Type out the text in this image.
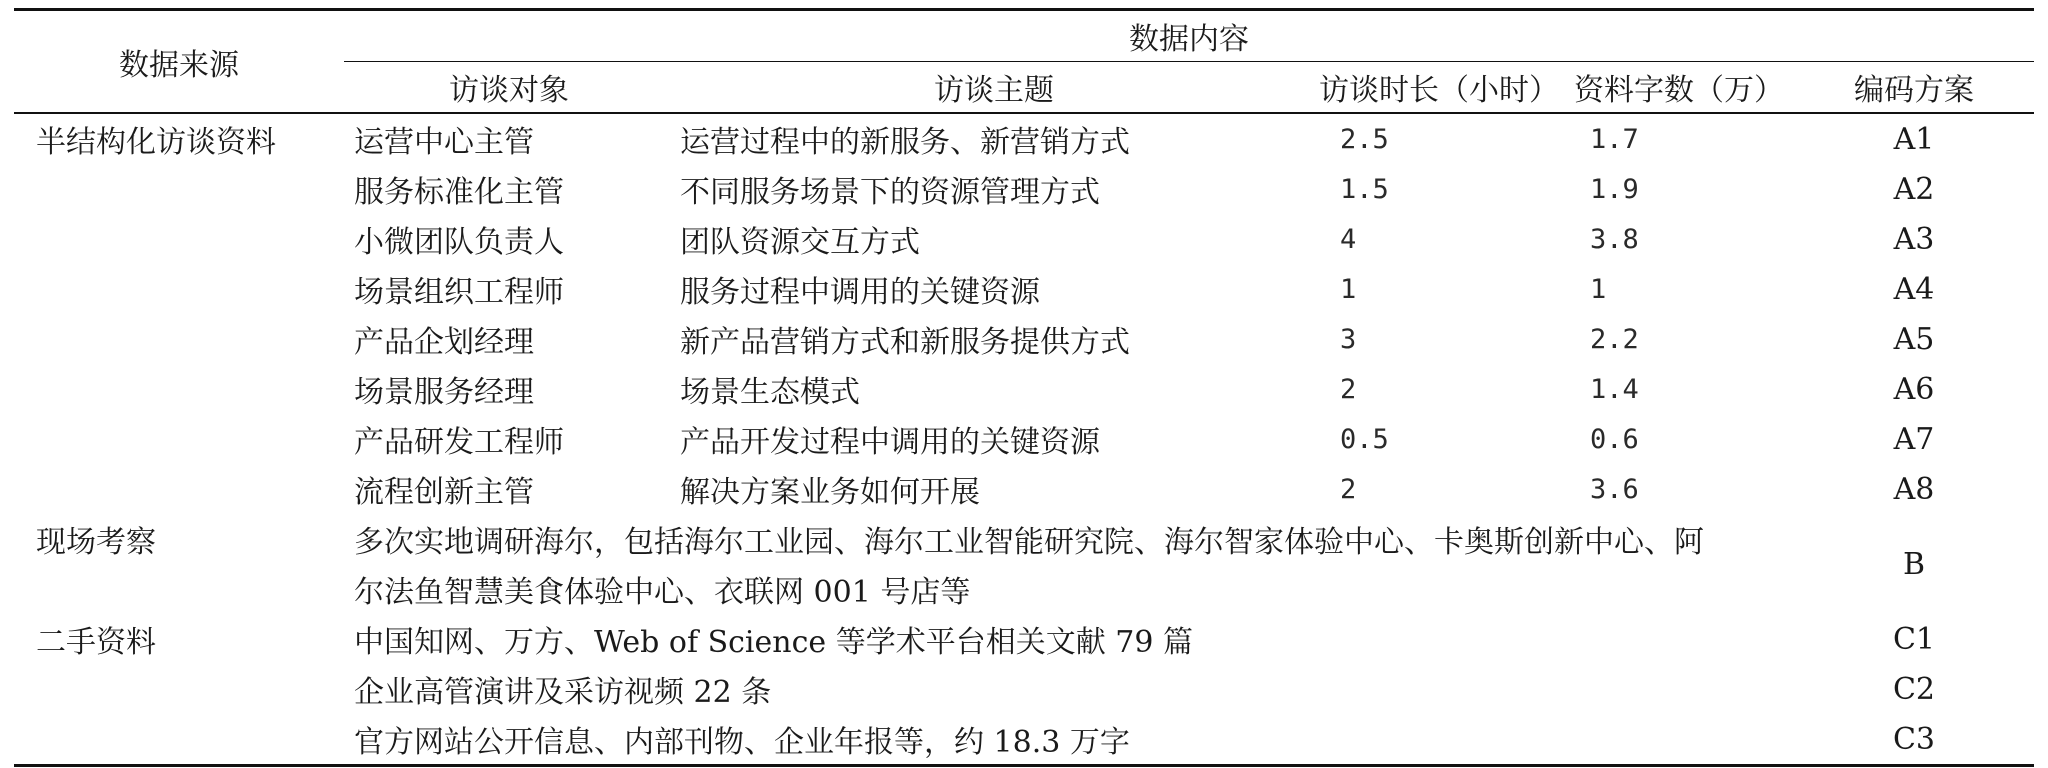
数据来源	数据内容				
	访谈对象	访谈主题	访谈时长（小时）	资料字数（万）	编码方案
半结构化访谈资料	运营中心主管	运营过程中的新服务、新营销方式	2.5	1.7	A1
	服务标准化主管	不同服务场景下的资源管理方式	1.5	1.9	A2
	小微团队负责人	团队资源交互方式	4	3.8	A3
	场景组织工程师	服务过程中调用的关键资源	1	1	A4
	产品企划经理	新产品营销方式和新服务提供方式	3	2.2	A5
	场景服务经理	场景生态模式	2	1.4	A6
	产品研发工程师	产品开发过程中调用的关键资源	0.5	0.6	A7
	流程创新主管	解决方案业务如何开展	2	3.6	A8
现场考察	多次实地调研海尔，包括海尔工业园、海尔工业智能研究院、海尔智家体验中心、卡奥斯创新中心、阿				B
	尔法鱼智慧美食体验中心、衣联网 001 号店等				
二手资料	中国知网、万方、Web of Science 等学术平台相关文献 79 篇				C1
	企业高管演讲及采访视频 22 条				C2
	官方网站公开信息、内部刊物、企业年报等，约 18.3 万字				C3
